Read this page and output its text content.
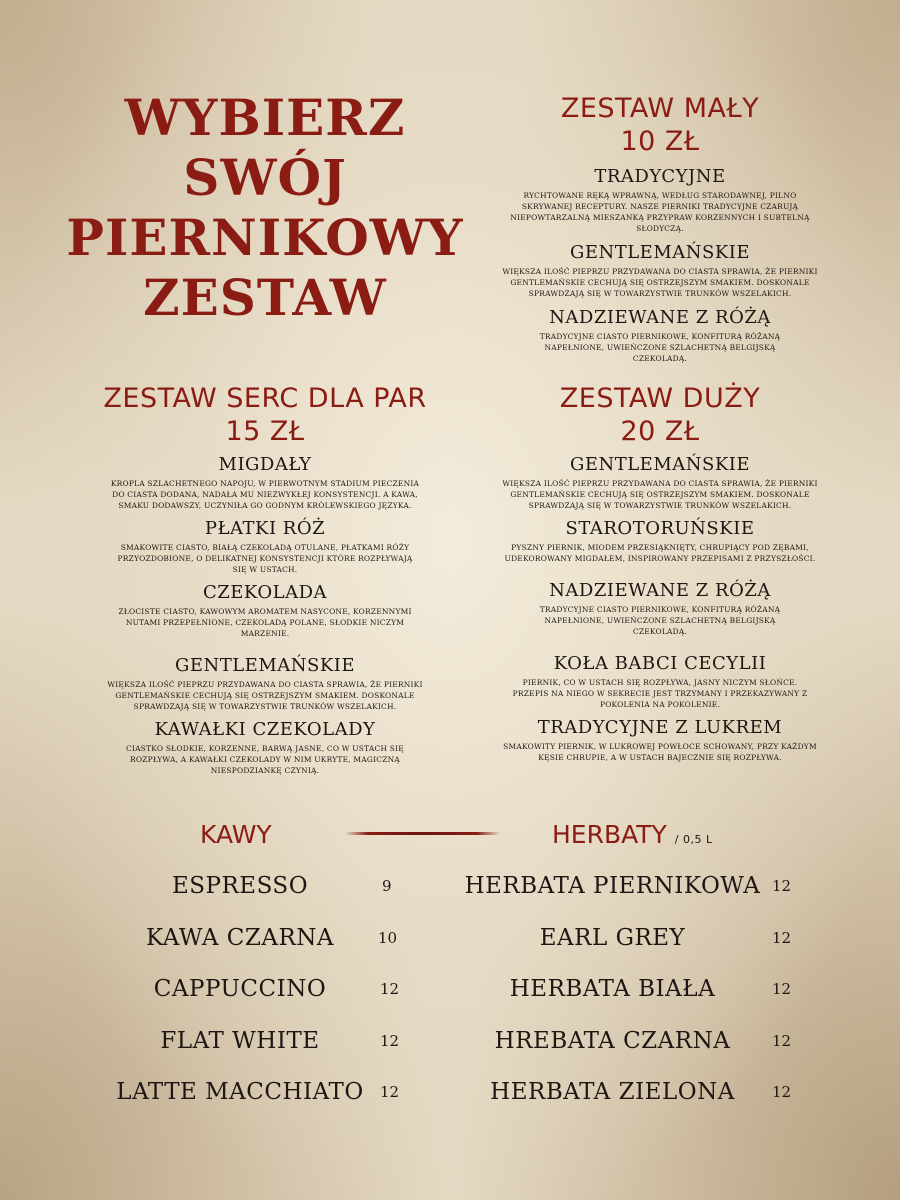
WYBIERZ
SWÓJ
PIERNIKOWY
ZESTAW
ZESTAW MAŁY
10 ZŁ
TRADYCYJNE
RYCHTOWANE RĘKĄ WPRAWNĄ, WEDŁUG STARODAWNEJ, PILNO SKRYWANEJ RECEPTURY. NASZE PIERNIKI TRADYCYJNE CZARUJĄ NIEPOWTARZALNĄ MIESZANKĄ PRZYPRAW KORZENNYCH I SUBTELNĄ SŁODYCZĄ.
GENTLEMAŃSKIE
WIĘKSZA ILOŚĆ PIEPRZU PRZYDAWANA DO CIASTA SPRAWIA, ŻE PIERNIKI GENTLEMAŃSKIE CECHUJĄ SIĘ OSTRZEJSZYM SMAKIEM. DOSKONALE SPRAWDZAJĄ SIĘ W TOWARZYSTWIE TRUNKÓW WSZELAKICH.
NADZIEWANE Z RÓŻĄ
TRADYCYJNE CIASTO PIERNIKOWE, KONFITURĄ RÓŻANĄ NAPEŁNIONE, UWIEŃCZONE SZLACHETNĄ BELGIJSKĄ CZEKOLADĄ.
ZESTAW SERC DLA PAR
15 ZŁ
MIGDAŁY
KROPLA SZLACHETNEGO NAPOJU, W PIERWOTNYM STADIUM PIECZENIA DO CIASTA DODANA, NADAŁA MU NIEZWYKŁEJ KONSYSTENCJI. A KAWA, SMAKU DODAWSZY, UCZYNIŁA GO GODNYM KRÓLEWSKIEGO JĘZYKA.
PŁATKI RÓŻ
SMAKOWITE CIASTO, BIAŁĄ CZEKOLADĄ OTULANE, PŁATKAMI RÓŻY PRZYOZDOBIONE, O DELIKATNEJ KONSYSTENCJI KTÓRE ROZPŁYWAJĄ SIĘ W USTACH.
CZEKOLADA
ZŁOCISTE CIASTO, KAWOWYM AROMATEM NASYCONE, KORZENNYMI NUTAMI PRZEPEŁNIONE, CZEKOLADĄ POLANE, SŁODKIE NICZYM MARZENIE.
GENTLEMAŃSKIE
WIĘKSZA ILOŚĆ PIEPRZU PRZYDAWANA DO CIASTA SPRAWIA, ŻE PIERNIKI GENTLEMAŃSKIE CECHUJĄ SIĘ OSTRZEJSZYM SMAKIEM. DOSKONALE SPRAWDZAJĄ SIĘ W TOWARZYSTWIE TRUNKÓW WSZELAKICH.
KAWAŁKI CZEKOLADY
CIASTKO SŁODKIE, KORZENNE, BARWĄ JASNE, CO W USTACH SIĘ ROZPŁYWA, A KAWAŁKI CZEKOLADY W NIM UKRYTE, MAGICZNĄ NIESPODZIANKĘ CZYNIĄ.
ZESTAW DUŻY
20 ZŁ
GENTLEMAŃSKIE
WIĘKSZA ILOŚĆ PIEPRZU PRZYDAWANA DO CIASTA SPRAWIA, ŻE PIERNIKI GENTLEMAŃSKIE CECHUJĄ SIĘ OSTRZEJSZYM SMAKIEM. DOSKONALE SPRAWDZAJĄ SIĘ W TOWARZYSTWIE TRUNKÓW WSZELAKICH.
STAROTORUŃSKIE
PYSZNY PIERNIK, MIODEM PRZESIĄKNIĘTY, CHRUPIĄCY POD ZĘBAMI, UDEKOROWANY MIGDAŁEM, INSPIROWANY PRZEPISAMI Z PRZYSZŁOŚCI.
NADZIEWANE Z RÓŻĄ
TRADYCYJNE CIASTO PIERNIKOWE, KONFITURĄ RÓŻANĄ NAPEŁNIONE, UWIEŃCZONE SZLACHETNĄ BELGIJSKĄ CZEKOLADĄ.
KOŁA BABCI CECYLII
PIERNIK, CO W USTACH SIĘ ROZPŁYWA, JASNY NICZYM SŁOŃCE. PRZEPIS NA NIEGO W SEKRECIE JEST TRZYMANY I PRZEKAZYWANY Z POKOLENIA NA POKOLENIE.
TRADYCYJNE Z LUKREM
SMAKOWITY PIERNIK, W LUKROWEJ POWŁOCE SCHOWANY, PRZY KAŻDYM KĘSIE CHRUPIE, A W USTACH BAJECZNIE SIĘ ROZPŁYWA.
KAWY	HERBATY / 0,5 L
ESPRESSO	9
KAWA CZARNA	10
CAPPUCCINO	12
FLAT WHITE	12
LATTE MACCHIATO	12
HERBATA PIERNIKOWA 12
EARL GREY	12
HERBATA BIAŁA	12
HREBATA CZARNA	12
HERBATA ZIELONA	12
